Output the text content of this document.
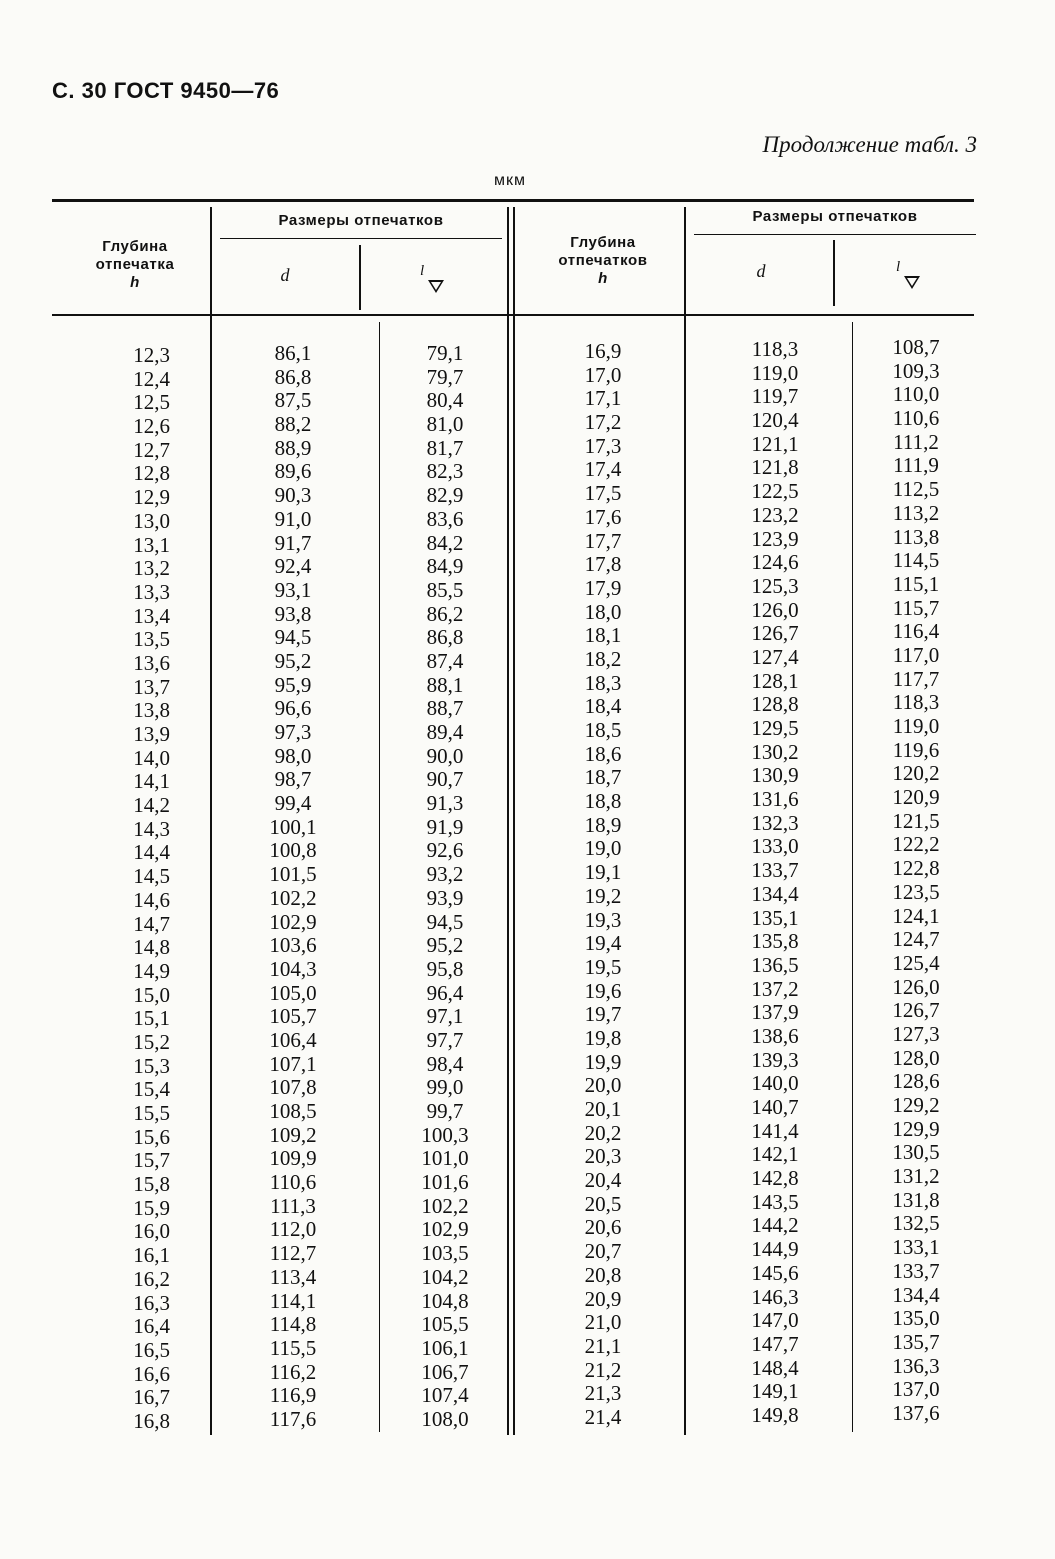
С. 30 ГОСТ 9450—76
Продолжение табл. 3
мкм
Глубина
отпечатка
h
Размеры отпечатков
d	l
Глубина
отпечатков
h
Размеры отпечатков
d	l
12,3
12,4
12,5
12,6
12,7
12,8
12,9
13,0
13,1
13,2
13,3
13,4
13,5
13,6
13,7
13,8
13,9
14,0
14,1
14,2
14,3
14,4
14,5
14,6
14,7
14,8
14,9
15,0
15,1
15,2
15,3
15,4
15,5
15,6
15,7
15,8
15,9
16,0
16,1
16,2
16,3
16,4
16,5
16,6
16,7
16,8
86,1
86,8
87,5
88,2
88,9
89,6
90,3
91,0
91,7
92,4
93,1
93,8
94,5
95,2
95,9
96,6
97,3
98,0
98,7
99,4
100,1
100,8
101,5
102,2
102,9
103,6
104,3
105,0
105,7
106,4
107,1
107,8
108,5
109,2
109,9
110,6
111,3
112,0
112,7
113,4
114,1
114,8
115,5
116,2
116,9
117,6
79,1
79,7
80,4
81,0
81,7
82,3
82,9
83,6
84,2
84,9
85,5
86,2
86,8
87,4
88,1
88,7
89,4
90,0
90,7
91,3
91,9
92,6
93,2
93,9
94,5
95,2
95,8
96,4
97,1
97,7
98,4
99,0
99,7
100,3
101,0
101,6
102,2
102,9
103,5
104,2
104,8
105,5
106,1
106,7
107,4
108,0
16,9
17,0
17,1
17,2
17,3
17,4
17,5
17,6
17,7
17,8
17,9
18,0
18,1
18,2
18,3
18,4
18,5
18,6
18,7
18,8
18,9
19,0
19,1
19,2
19,3
19,4
19,5
19,6
19,7
19,8
19,9
20,0
20,1
20,2
20,3
20,4
20,5
20,6
20,7
20,8
20,9
21,0
21,1
21,2
21,3
21,4
118,3
119,0
119,7
120,4
121,1
121,8
122,5
123,2
123,9
124,6
125,3
126,0
126,7
127,4
128,1
128,8
129,5
130,2
130,9
131,6
132,3
133,0
133,7
134,4
135,1
135,8
136,5
137,2
137,9
138,6
139,3
140,0
140,7
141,4
142,1
142,8
143,5
144,2
144,9
145,6
146,3
147,0
147,7
148,4
149,1
149,8
108,7
109,3
110,0
110,6
111,2
111,9
112,5
113,2
113,8
114,5
115,1
115,7
116,4
117,0
117,7
118,3
119,0
119,6
120,2
120,9
121,5
122,2
122,8
123,5
124,1
124,7
125,4
126,0
126,7
127,3
128,0
128,6
129,2
129,9
130,5
131,2
131,8
132,5
133,1
133,7
134,4
135,0
135,7
136,3
137,0
137,6
